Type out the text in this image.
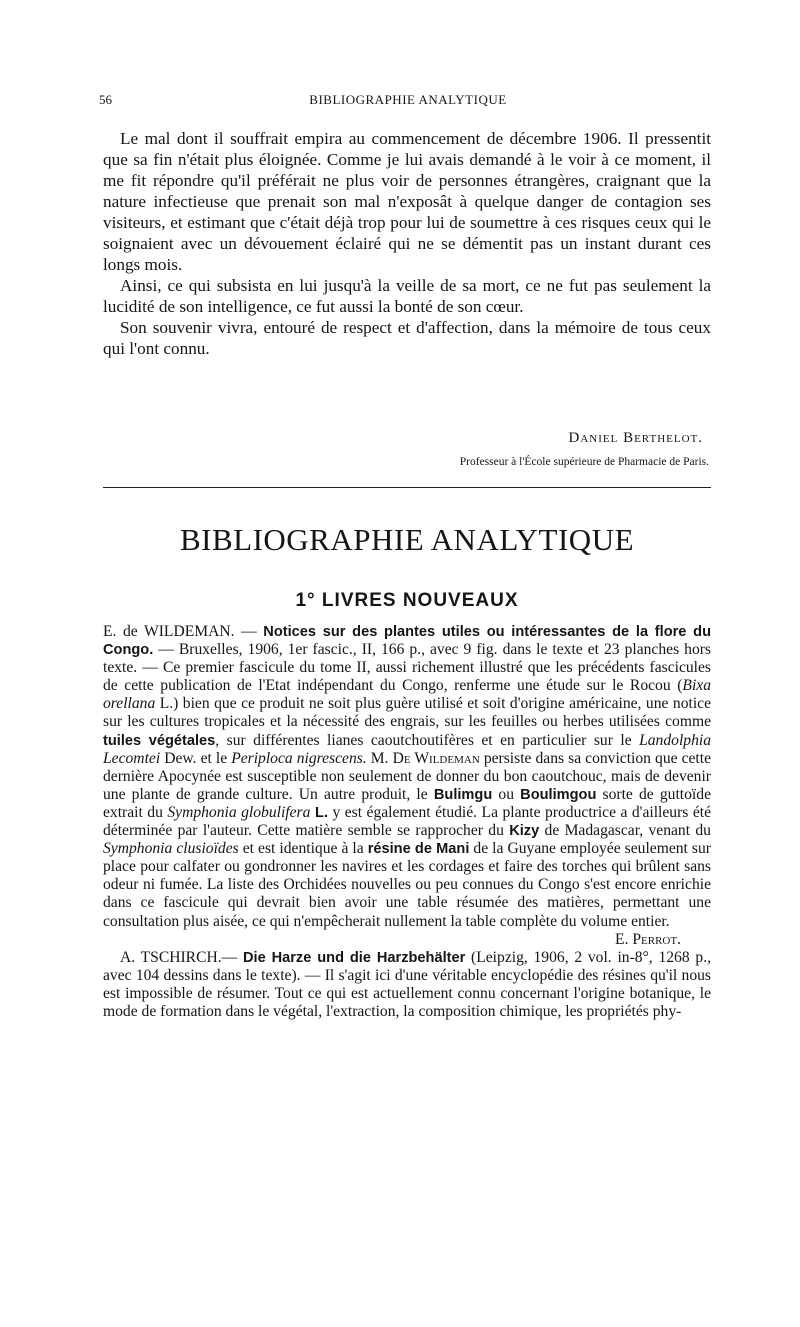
56	BIBLIOGRAPHIE ANALYTIQUE

Le mal dont il souffrait empira au commencement de décembre 1906. Il pressentit que sa fin n'était plus éloignée. Comme je lui avais demandé à le voir à ce moment, il me fit répondre qu'il préférait ne plus voir de personnes étrangères, craignant que la nature infectieuse que prenait son mal n'exposât à quelque danger de contagion ses visiteurs, et estimant que c'était déjà trop pour lui de soumettre à ces risques ceux qui le soignaient avec un dévouement éclairé qui ne se démentit pas un instant durant ces longs mois.

Ainsi, ce qui subsista en lui jusqu'à la veille de sa mort, ce ne fut pas seulement la lucidité de son intelligence, ce fut aussi la bonté de son cœur.

Son souvenir vivra, entouré de respect et d'affection, dans la mémoire de tous ceux qui l'ont connu.

Daniel Berthelot.
Professeur à l'École supérieure de Pharmacie de Paris.
BIBLIOGRAPHIE ANALYTIQUE
1° LIVRES NOUVEAUX

E. de WILDEMAN. — Notices sur des plantes utiles ou intéressantes de la flore du Congo. — Bruxelles, 1906, 1er fascic., II, 166 p., avec 9 fig. dans le texte et 23 planches hors texte. — Ce premier fascicule du tome II, aussi richement illustré que les précédents fascicules de cette publication de l'Etat indépendant du Congo, renferme une étude sur le Rocou (Bixa orellana L.) bien que ce produit ne soit plus guère utilisé et soit d'origine américaine, une notice sur les cultures tropicales et la nécessité des engrais, sur les feuilles ou herbes utilisées comme tuiles végétales, sur différentes lianes caoutchoutifères et en particulier sur le Landolphia Lecomtei Dew. et le Periploca nigrescens. M. De Wildeman persiste dans sa conviction que cette dernière Apocynée est susceptible non seulement de donner du bon caoutchouc, mais de devenir une plante de grande culture. Un autre produit, le Bulimgu ou Boulimgou sorte de guttoïde extrait du Symphonia globulifera L. y est également étudié. La plante productrice a d'ailleurs été déterminée par l'auteur. Cette matière semble se rapprocher du Kizy de Madagascar, venant du Symphonia clusioïdes et est identique à la résine de Mani de la Guyane employée seulement sur place pour calfater ou gondronner les navires et les cordages et faire des torches qui brûlent sans odeur ni fumée. La liste des Orchidées nouvelles ou peu connues du Congo s'est encore enrichie dans ce fascicule qui devrait bien avoir une table résumée des matières, permettant une consultation plus aisée, ce qui n'empêcherait nullement la table complète du volume entier.
E. Perrot.

A. TSCHIRCH.— Die Harze und die Harzbehälter (Leipzig, 1906, 2 vol. in-8°, 1268 p., avec 104 dessins dans le texte). — Il s'agit ici d'une véritable encyclopédie des résines qu'il nous est impossible de résumer. Tout ce qui est actuellement connu concernant l'origine botanique, le mode de formation dans le végétal, l'extraction, la composition chimique, les propriétés phy-
